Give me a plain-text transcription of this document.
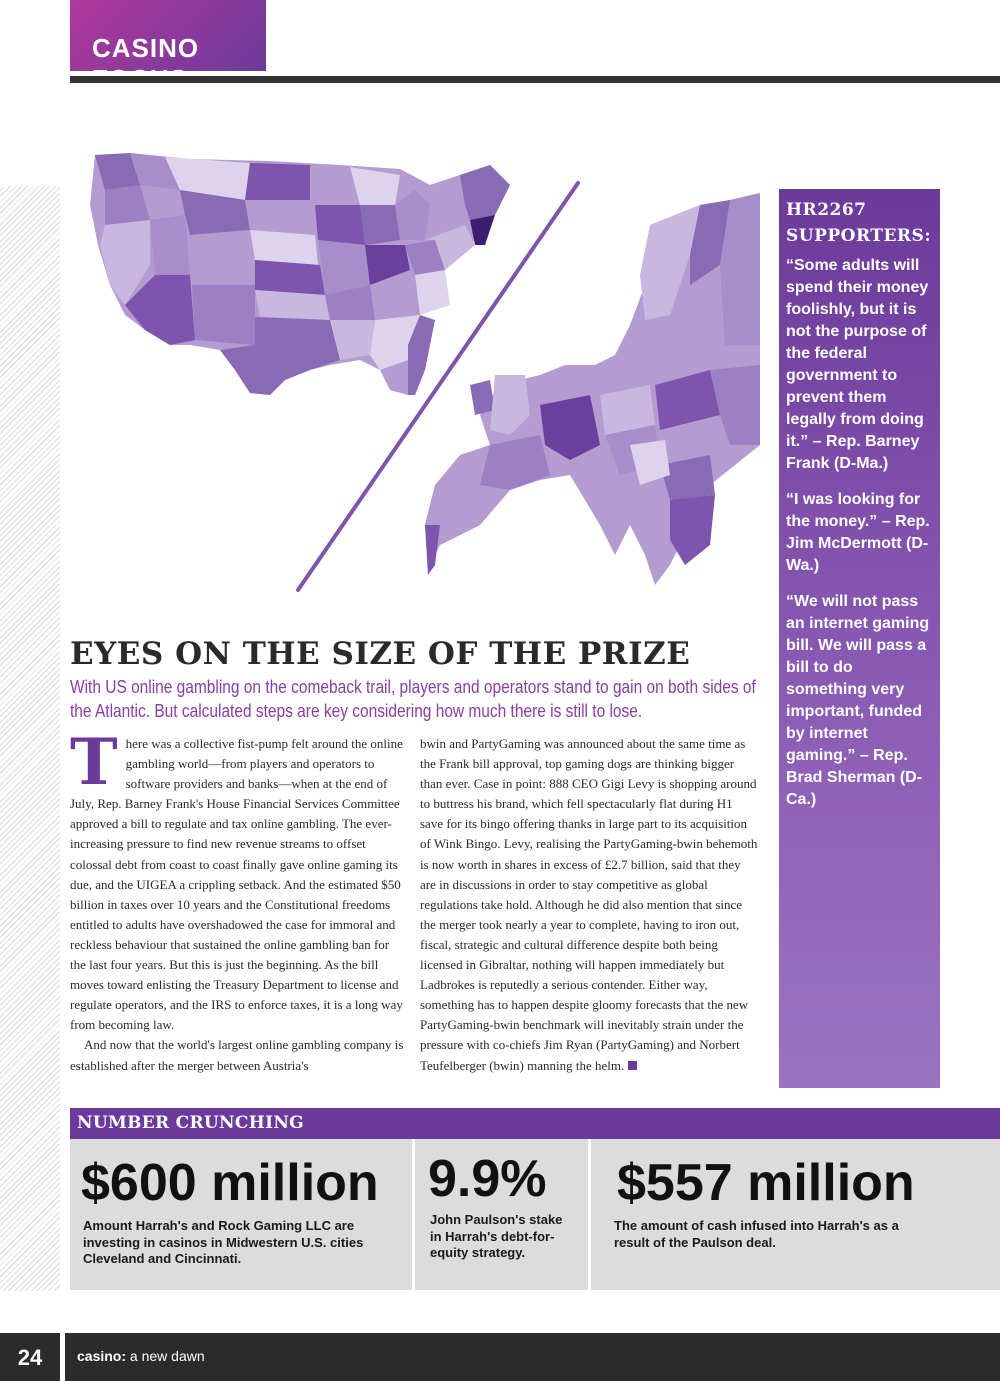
CASINO
HR2267 SUPPORTERS:

“Some adults will spend their money foolishly, but it is not the purpose of the federal government to prevent them legally from doing it.” – Rep. Barney Frank (D-Ma.)

“I was looking for the money.” – Rep. Jim McDermott (D-Wa.)

“We will not pass an internet gaming bill. We will pass a bill to do something very important, funded by internet gaming.” – Rep. Brad Sherman (D-Ca.)

EYES ON THE SIZE OF THE PRIZE
With US online gambling on the comeback trail, players and operators stand to gain on both sides of the Atlantic. But calculated steps are key considering how much there is still to lose.

There was a collective fist-pump felt around the online gambling world—from players and operators to software providers and banks—when at the end of July, Rep. Barney Frank's House Financial Services Committee approved a bill to regulate and tax online gambling. The ever-increasing pressure to find new revenue streams to offset colossal debt from coast to coast finally gave online gaming its due, and the UIGEA a crippling setback. And the estimated $50 billion in taxes over 10 years and the Constitutional freedoms entitled to adults have overshadowed the case for immoral and reckless behaviour that sustained the online gambling ban for the last four years. But this is just the beginning. As the bill moves toward enlisting the Treasury Department to license and regulate operators, and the IRS to enforce taxes, it is a long way from becoming law.

And now that the world's largest online gambling company is established after the merger between Austria's

bwin and PartyGaming was announced about the same time as the Frank bill approval, top gaming dogs are thinking bigger than ever. Case in point: 888 CEO Gigi Levy is shopping around to buttress his brand, which fell spectacularly flat during H1 save for its bingo offering thanks in large part to its acquisition of Wink Bingo. Levy, realising the PartyGaming-bwin behemoth is now worth in shares in excess of £2.7 billion, said that they are in discussions in order to stay competitive as global regulations take hold. Although he did also mention that since the merger took nearly a year to complete, having to iron out, fiscal, strategic and cultural difference despite both being licensed in Gibraltar, nothing will happen immediately but Ladbrokes is reputedly a serious contender. Either way, something has to happen despite gloomy forecasts that the new PartyGaming-bwin benchmark will inevitably strain under the pressure with co-chiefs Jim Ryan (PartyGaming) and Norbert Teufelberger (bwin) manning the helm.

NUMBER CRUNCHING
$600 million
Amount Harrah's and Rock Gaming LLC are investing in casinos in Midwestern U.S. cities Cleveland and Cincinnati.
9.9%
John Paulson's stake in Harrah's debt-for-equity strategy.
$557 million
The amount of cash infused into Harrah's as a result of the Paulson deal.
24	casino: a new dawn
